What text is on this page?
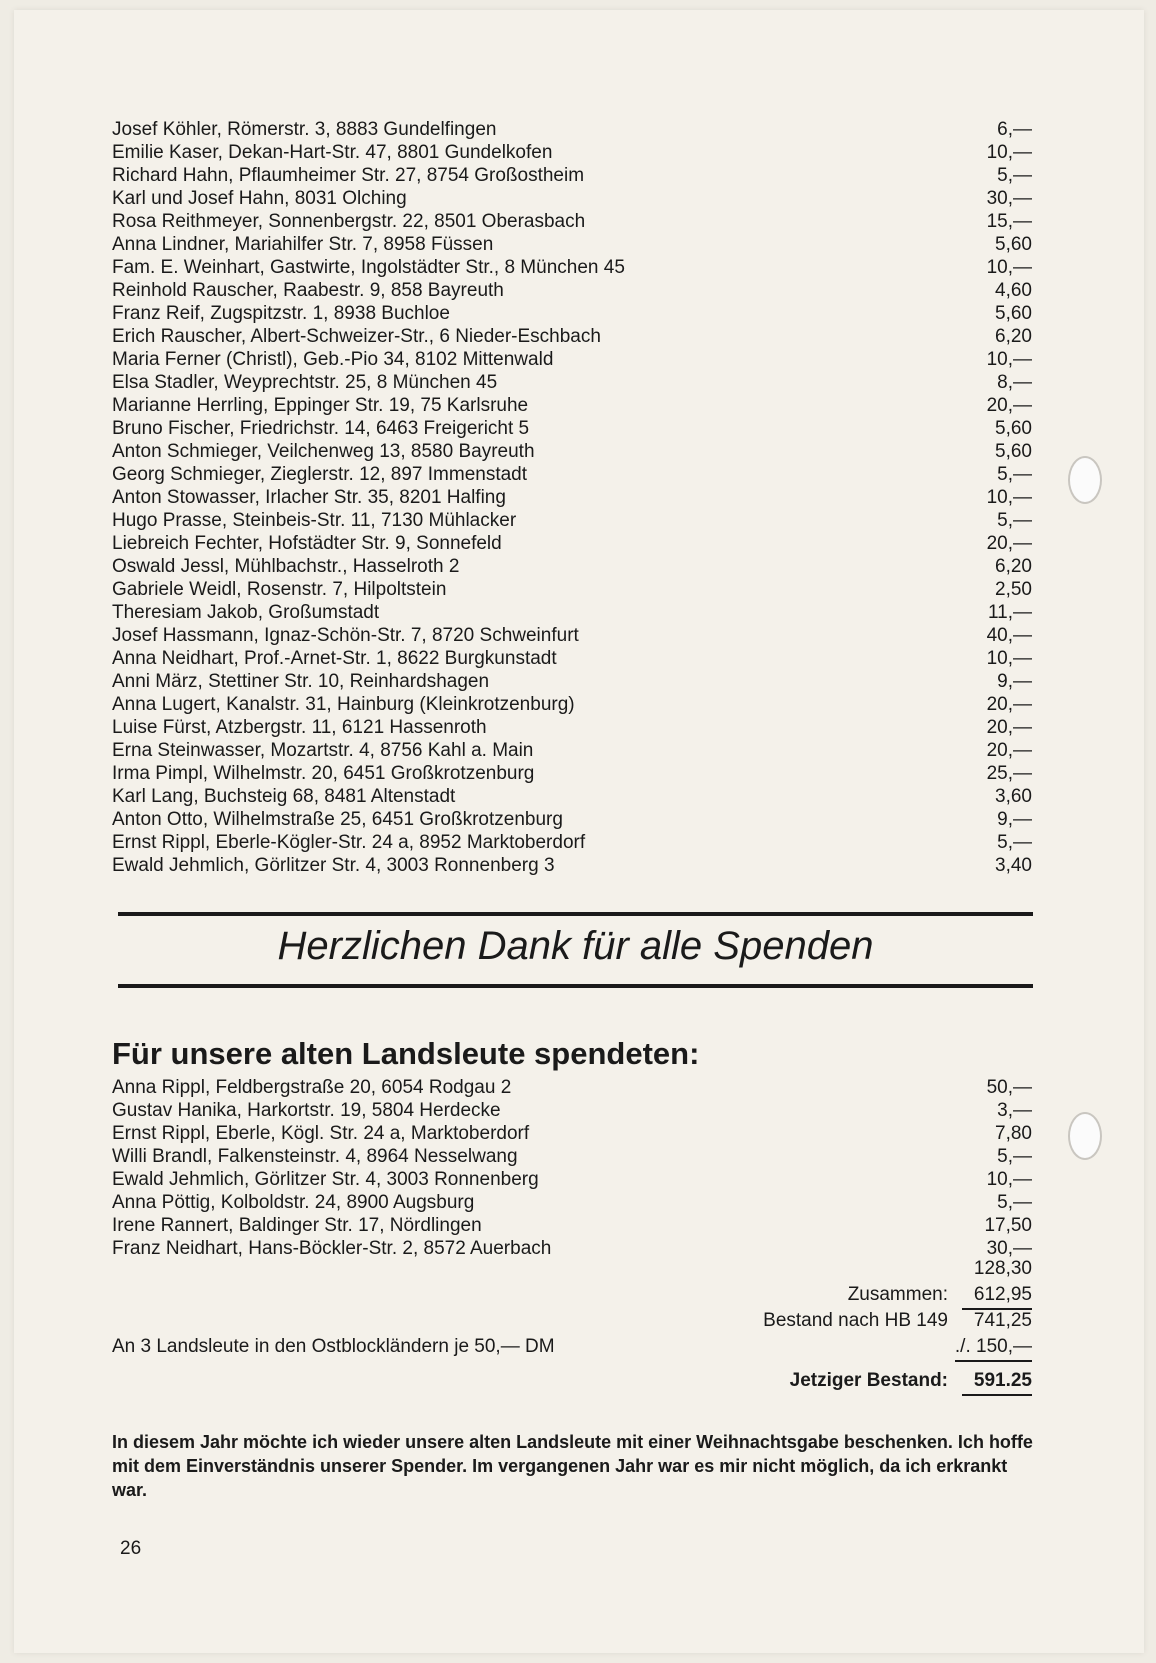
Josef Köhler, Römerstr. 3, 8883 Gundelfingen	6,—
Emilie Kaser, Dekan-Hart-Str. 47, 8801 Gundelkofen	10,—
Richard Hahn, Pflaumheimer Str. 27, 8754 Großostheim	5,—
Karl und Josef Hahn, 8031 Olching	30,—
Rosa Reithmeyer, Sonnenbergstr. 22, 8501 Oberasbach	15,—
Anna Lindner, Mariahilfer Str. 7, 8958 Füssen	5,60
Fam. E. Weinhart, Gastwirte, Ingolstädter Str., 8 München 45	10,—
Reinhold Rauscher, Raabestr. 9, 858 Bayreuth	4,60
Franz Reif, Zugspitzstr. 1, 8938 Buchloe	5,60
Erich Rauscher, Albert-Schweizer-Str., 6 Nieder-Eschbach	6,20
Maria Ferner (Christl), Geb.-Pio 34, 8102 Mittenwald	10,—
Elsa Stadler, Weyprechtstr. 25, 8 München 45	8,—
Marianne Herrling, Eppinger Str. 19, 75 Karlsruhe	20,—
Bruno Fischer, Friedrichstr. 14, 6463 Freigericht 5	5,60
Anton Schmieger, Veilchenweg 13, 8580 Bayreuth	5,60
Georg Schmieger, Zieglerstr. 12, 897 Immenstadt	5,—
Anton Stowasser, Irlacher Str. 35, 8201 Halfing	10,—
Hugo Prasse, Steinbeis-Str. 11, 7130 Mühlacker	5,—
Liebreich Fechter, Hofstädter Str. 9, Sonnefeld	20,—
Oswald Jessl, Mühlbachstr., Hasselroth 2	6,20
Gabriele Weidl, Rosenstr. 7, Hilpoltstein	2,50
Theresiam Jakob, Großumstadt	11,—
Josef Hassmann, Ignaz-Schön-Str. 7, 8720 Schweinfurt	40,—
Anna Neidhart, Prof.-Arnet-Str. 1, 8622 Burgkunstadt	10,—
Anni März, Stettiner Str. 10, Reinhardshagen	9,—
Anna Lugert, Kanalstr. 31, Hainburg (Kleinkrotzenburg)	20,—
Luise Fürst, Atzbergstr. 11, 6121 Hassenroth	20,—
Erna Steinwasser, Mozartstr. 4, 8756 Kahl a. Main	20,—
Irma Pimpl, Wilhelmstr. 20, 6451 Großkrotzenburg	25,—
Karl Lang, Buchsteig 68, 8481 Altenstadt	3,60
Anton Otto, Wilhelmstraße 25, 6451 Großkrotzenburg	9,—
Ernst Rippl, Eberle-Kögler-Str. 24 a, 8952 Marktoberdorf	5,—
Ewald Jehmlich, Görlitzer Str. 4, 3003 Ronnenberg 3	3,40
Herzlichen Dank für alle Spenden
Für unsere alten Landsleute spendeten:
Anna Rippl, Feldbergstraße 20, 6054 Rodgau 2	50,—
Gustav Hanika, Harkortstr. 19, 5804 Herdecke	3,—
Ernst Rippl, Eberle, Kögl. Str. 24 a, Marktoberdorf	7,80
Willi Brandl, Falkensteinstr. 4, 8964 Nesselwang	5,—
Ewald Jehmlich, Görlitzer Str. 4, 3003 Ronnenberg	10,—
Anna Pöttig, Kolboldstr. 24, 8900 Augsburg	5,—
Irene Rannert, Baldinger Str. 17, Nördlingen	17,50
Franz Neidhart, Hans-Böckler-Str. 2, 8572 Auerbach	30,—
128,30
Zusammen:	612,95
Bestand nach HB 149	741,25
An 3 Landsleute in den Ostblockländern je 50,— DM	./. 150,—
Jetziger Bestand:	591.25
In diesem Jahr möchte ich wieder unsere alten Landsleute mit einer Weihnachtsgabe beschenken. Ich hoffe mit dem Einverständnis unserer Spender. Im vergangenen Jahr war es mir nicht möglich, da ich erkrankt war.
26
